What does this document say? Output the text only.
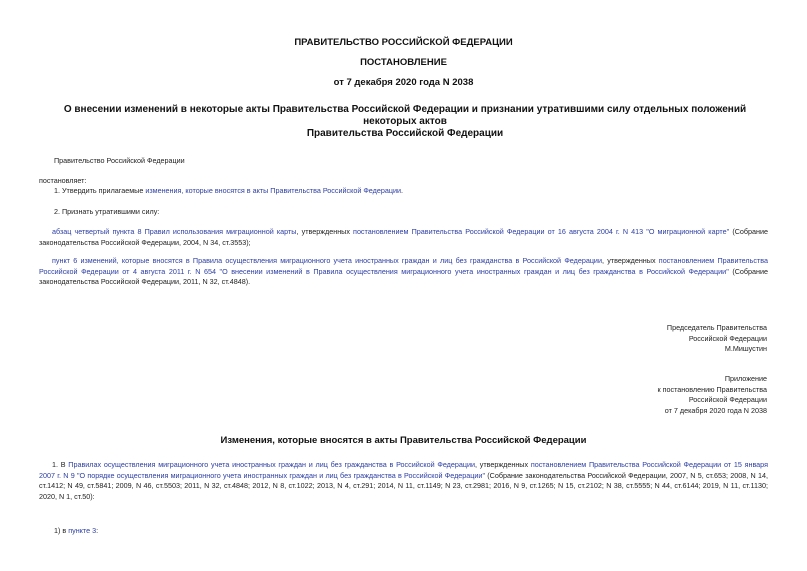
ПРАВИТЕЛЬСТВО РОССИЙСКОЙ ФЕДЕРАЦИИ
ПОСТАНОВЛЕНИЕ
от 7 декабря 2020 года N 2038
О внесении изменений в некоторые акты Правительства Российской Федерации и признании утратившими силу отдельных положений некоторых актов
Правительства Российской Федерации
Правительство Российской Федерации
постановляет:
1. Утвердить прилагаемые изменения, которые вносятся в акты Правительства Российской Федерации.
2. Признать утратившими силу:
абзац четвертый пункта 8 Правил использования миграционной карты, утвержденных постановлением Правительства Российской Федерации от 16 августа 2004 г. N 413 "О миграционной карте" (Собрание законодательства Российской Федерации, 2004, N 34, ст.3553);
пункт 6 изменений, которые вносятся в Правила осуществления миграционного учета иностранных граждан и лиц без гражданства в Российской Федерации, утвержденных постановлением Правительства Российской Федерации от 4 августа 2011 г. N 654 "О внесении изменений в Правила осуществления миграционного учета иностранных граждан и лиц без гражданства в Российской Федерации" (Собрание законодательства Российской Федерации, 2011, N 32, ст.4848).
Председатель Правительства
Российской Федерации
М.Мишустин
Приложение
к постановлению Правительства
Российской Федерации
от 7 декабря 2020 года N 2038
Изменения, которые вносятся в акты Правительства Российской Федерации
1. В Правилах осуществления миграционного учета иностранных граждан и лиц без гражданства в Российской Федерации, утвержденных постановлением Правительства Российской Федерации от 15 января 2007 г. N 9 "О порядке осуществления миграционного учета иностранных граждан и лиц без гражданства в Российской Федерации" (Собрание законодательства Российской Федерации, 2007, N 5, ст.653; 2008, N 14, ст.1412; N 49, ст.5841; 2009, N 46, ст.5503; 2011, N 32, ст.4848; 2012, N 8, ст.1022; 2013, N 4, ст.291; 2014, N 11, ст.1149; N 23, ст.2981; 2016, N 9, ст.1265; N 15, ст.2102; N 38, ст.5555; N 44, ст.6144; 2019, N 11, ст.1130; 2020, N 1, ст.50):
1) в пункте 3:
